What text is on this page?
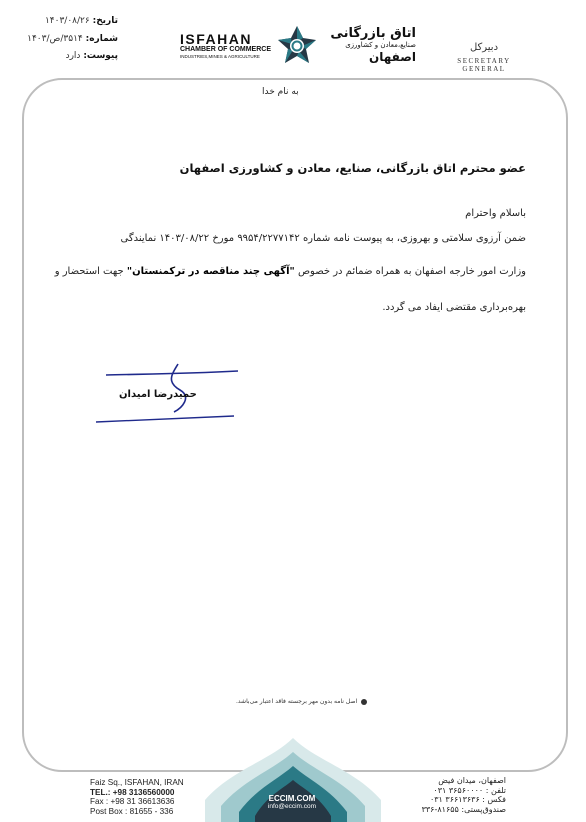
تاریخ: ۱۴۰۳/۰۸/۲۶
شماره: ۳۵۱۴/ص/۱۴۰۳
پیوست: دارد
ISFAHAN
CHAMBER OF COMMERCE
INDUSTRIES,MINES & AGRICULTURE
اتاق بازرگانی
صنایع،معادن و کشاورزی
اصفهان
دبیرکل
SECRETARY GENERAL
به نام خدا
عضو محترم اتاق بازرگانی، صنایع، معادن و کشاورزی اصفهان
باسلام واحترام
ضمن آرزوی سلامتی و بهروزی، به پیوست نامه شماره ۹۹۵۴/۲۲۷۷۱۴۲ مورخ ۱۴۰۳/۰۸/۲۲ نمایندگی
وزارت امور خارجه اصفهان به همراه ضمائم در خصوص "آگهی چند مناقصه در ترکمنستان" جهت استحضار و
بهره‌برداری مقتضی ایفاد می گردد.
حمیدرضا امیدان
اصل نامه بدون مهر برجسته فاقد اعتبار می‌باشد.
ECCIM.COM
info@eccim.com
Faiz Sq., ISFAHAN, IRAN
TEL.: +98 3136560000
Fax : +98 31 36613636
Post Box : 81655 - 336
اصفهان، میدان فیض
تلفن : ۳۶۵۶۰۰۰۰ ۰۳۱
فکس : ۳۶۶۱۳۶۳۶ ۰۳۱
صندوق‌پستی: ۸۱۶۵۵-۳۳۶
